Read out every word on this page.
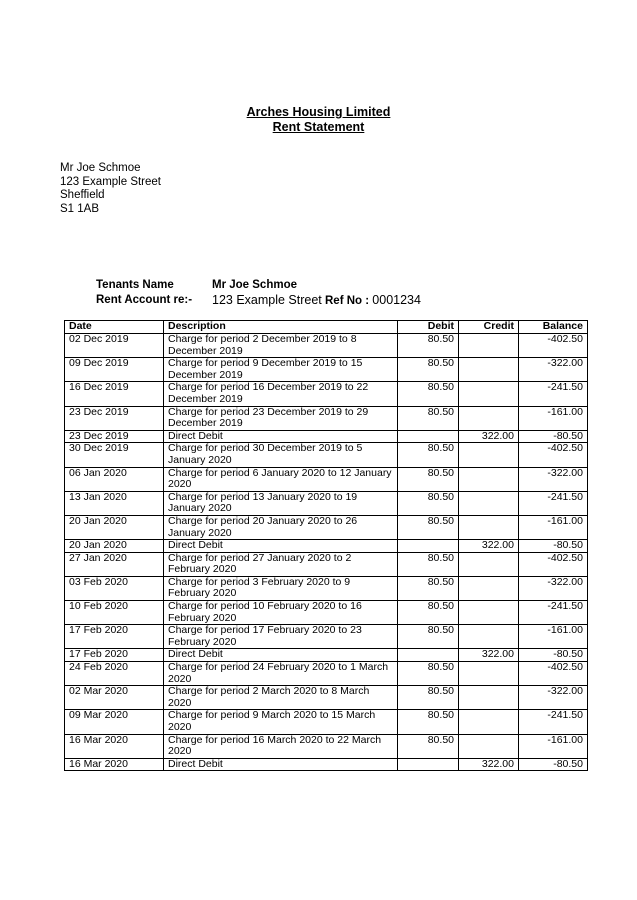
Arches Housing Limited
Rent Statement
Mr Joe Schmoe
123 Example Street
Sheffield
S1 1AB
Tenants Name	Mr Joe Schmoe
Rent Account re:- 123 Example Street Ref No : 0001234
Date	Description	Debit	Credit	Balance
02 Dec 2019	Charge for period 2 December 2019 to 8 December 2019	80.50		-402.50
09 Dec 2019	Charge for period 9 December 2019 to 15 December 2019	80.50		-322.00
16 Dec 2019	Charge for period 16 December 2019 to 22 December 2019	80.50		-241.50
23 Dec 2019	Charge for period 23 December 2019 to 29 December 2019	80.50		-161.00
23 Dec 2019	Direct Debit		322.00	-80.50
30 Dec 2019	Charge for period 30 December 2019 to 5 January 2020	80.50		-402.50
06 Jan 2020	Charge for period 6 January 2020 to 12 January 2020	80.50		-322.00
13 Jan 2020	Charge for period 13 January 2020 to 19 January 2020	80.50		-241.50
20 Jan 2020	Charge for period 20 January 2020 to 26 January 2020	80.50		-161.00
20 Jan 2020	Direct Debit		322.00	-80.50
27 Jan 2020	Charge for period 27 January 2020 to 2 February 2020	80.50		-402.50
03 Feb 2020	Charge for period 3 February 2020 to 9 February 2020	80.50		-322.00
10 Feb 2020	Charge for period 10 February 2020 to 16 February 2020	80.50		-241.50
17 Feb 2020	Charge for period 17 February 2020 to 23 February 2020	80.50		-161.00
17 Feb 2020	Direct Debit		322.00	-80.50
24 Feb 2020	Charge for period 24 February 2020 to 1 March 2020	80.50		-402.50
02 Mar 2020	Charge for period 2 March 2020 to 8 March 2020	80.50		-322.00
09 Mar 2020	Charge for period 9 March 2020 to 15 March 2020	80.50		-241.50
16 Mar 2020	Charge for period 16 March 2020 to 22 March 2020	80.50		-161.00
16 Mar 2020	Direct Debit		322.00	-80.50
